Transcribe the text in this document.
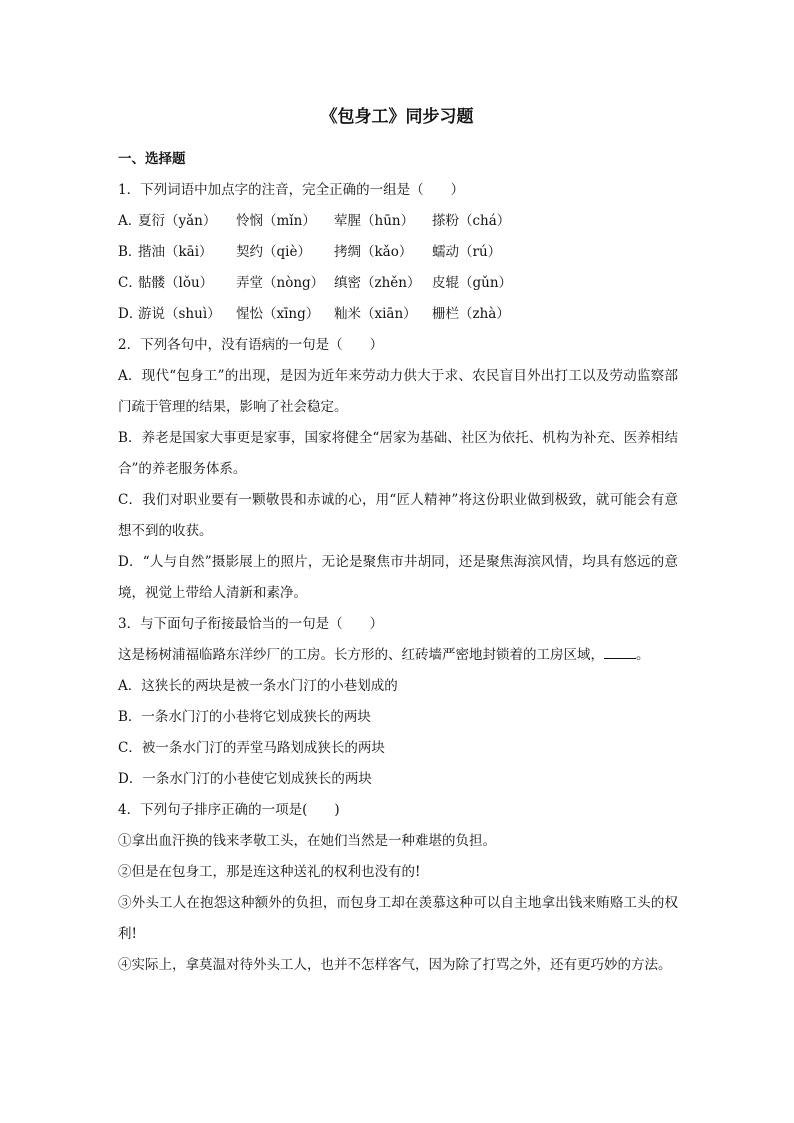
《包身工》同步习题
一、选择题
1．下列词语中加点字的注音，完全正确的一组是（　　）
A．
夏衍（yǎn）	怜悯（mǐn）	荤腥（hūn）	搽粉（chá）
B．
揩油（kāi）	契约（qiè）	拷绸（kǎo）	蠕动（rú）
C．
骷髅（lǒu）	弄堂（nòng） 缜密（zhěn） 皮辊（gǔn）
D．
游说（shuì）	惺忪（xīng）	籼米（xiān）	栅栏（zhà）
2．下列各句中，没有语病的一句是（　　）
A．现代“包身工”的出现，是因为近年来劳动力供大于求、农民盲目外出打工以及劳动监察部门疏于管理的结果，影响了社会稳定。
B．养老是国家大事更是家事，国家将健全“居家为基础、社区为依托、机构为补充、医养相结合”的养老服务体系。
C．我们对职业要有一颗敬畏和赤诚的心，用“匠人精神”将这份职业做到极致，就可能会有意想不到的收获。
D．“人与自然”摄影展上的照片，无论是聚焦市井胡同，还是聚焦海滨风情，均具有悠远的意境，视觉上带给人清新和素净。
3．与下面句子衔接最恰当的一句是（　　）
这是杨树浦福临路东洋纱厂的工房。长方形的、红砖墙严密地封锁着的工房区域， 。
A．这狭长的两块是被一条水门汀的小巷划成的
B．一条水门汀的小巷将它划成狭长的两块
C．被一条水门汀的弄堂马路划成狭长的两块
D．一条水门汀的小巷使它划成狭长的两块
4．下列句子排序正确的一项是(　　)
①拿出血汗换的钱来孝敬工头，在她们当然是一种难堪的负担。
②但是在包身工，那是连这种送礼的权利也没有的!
③外头工人在抱怨这种额外的负担，而包身工却在羡慕这种可以自主地拿出钱来贿赂工头的权利!
④实际上，拿莫温对待外头工人，也并不怎样客气，因为除了打骂之外，还有更巧妙的方法。
